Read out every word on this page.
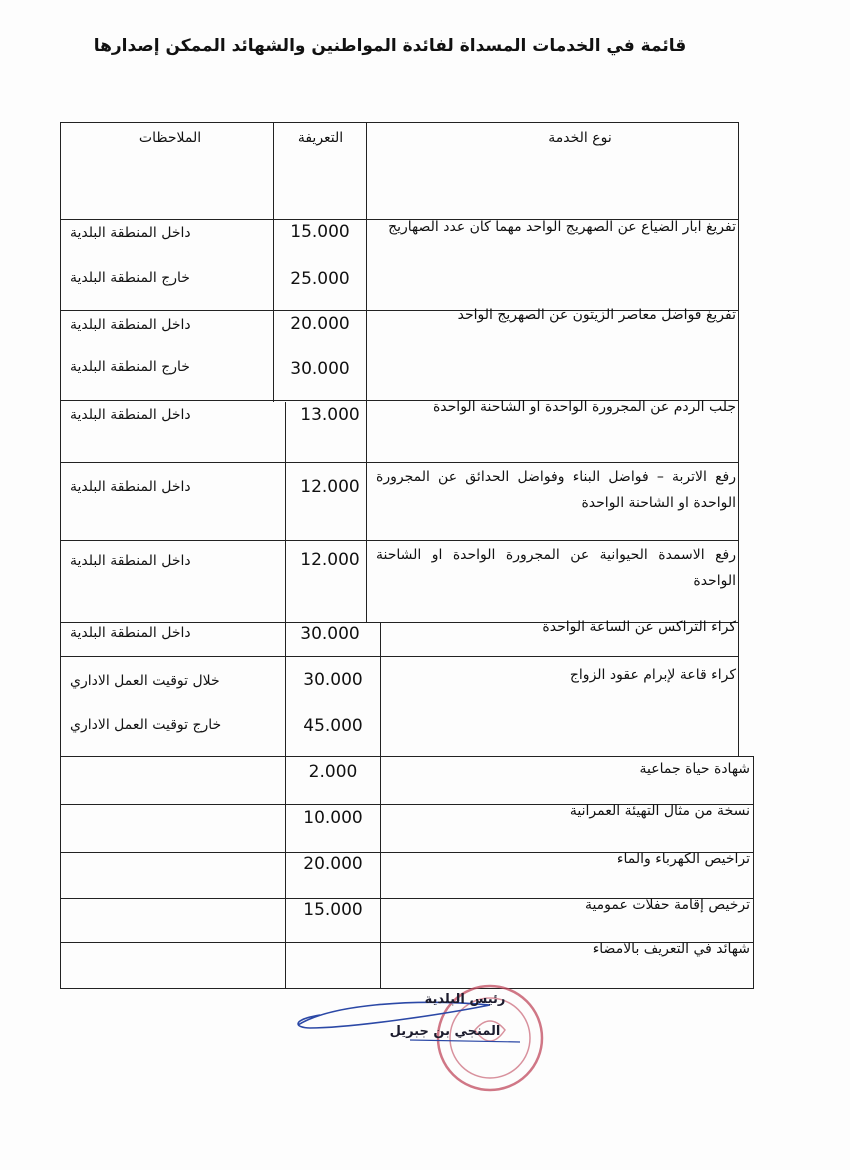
قائمة في الخدمات المسداة لفائدة المواطنين والشهائد الممكن إصدارها
نوع الخدمة
التعريفة
الملاحظات
تفريغ ابار الضياع عن الصهريج الواحد مهما كان عدد الصهاريج
15.000
25.000
داخل المنطقة البلدية
خارج المنطقة البلدية
تفريغ فواضل معاصر الزيتون عن الصهريج الواحد
20.000
30.000
داخل المنطقة البلدية
خارج المنطقة البلدية
جلب الردم عن المجرورة الواحدة او الشاحنة الواحدة
13.000
داخل المنطقة البلدية
رفع الاتربة – فواضل البناء وفواضل الحدائق عن المجرورة الواحدة او الشاحنة الواحدة
12.000
داخل المنطقة البلدية
رفع الاسمدة الحيوانية عن المجرورة الواحدة او الشاحنة الواحدة
12.000
داخل المنطقة البلدية
كراء التراكس عن الساعة الواحدة
30.000
داخل المنطقة البلدية
كراء قاعة لإبرام عقود الزواج
30.000
45.000
خلال توقيت العمل الاداري
خارج توقيت العمل الاداري
شهادة حياة جماعية
2.000
نسخة من مثال التهيئة العمرانية
10.000
تراخيص الكهرباء والماء
20.000
ترخيص إقامة حفلات عمومية
15.000
شهائد في التعريف بالامضاء
رئيس البلدية
المنجي بن جبريل
